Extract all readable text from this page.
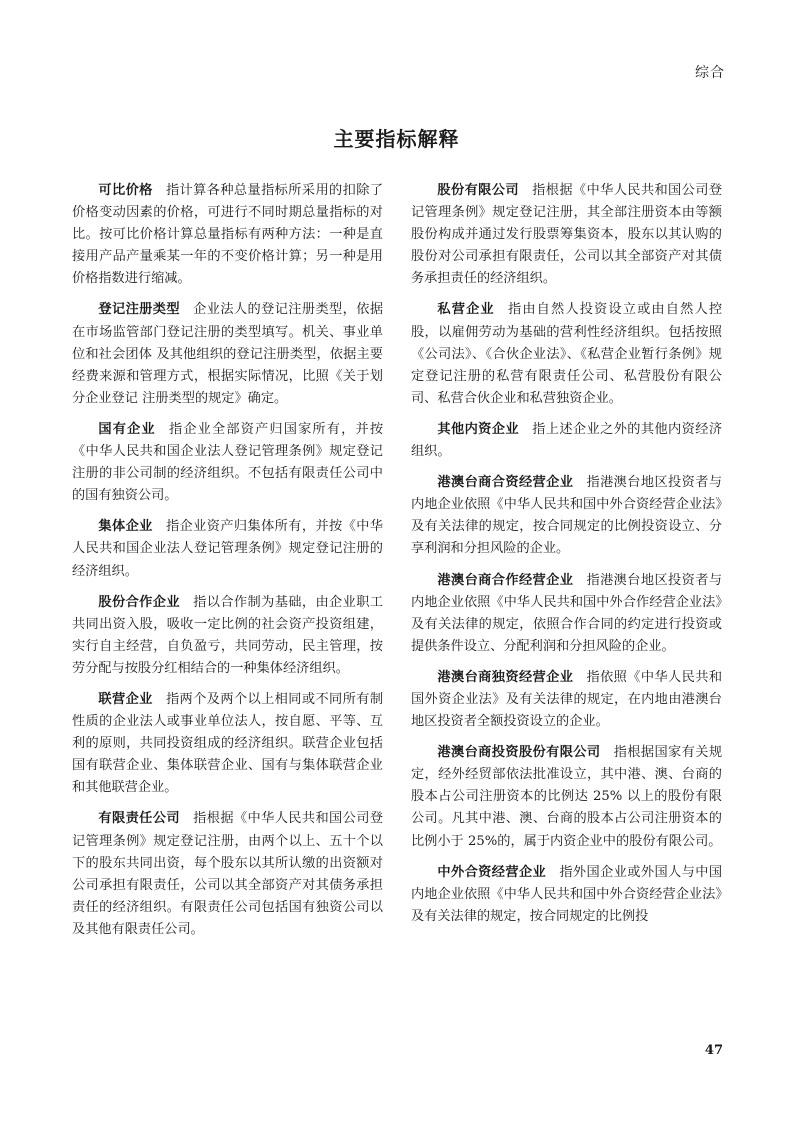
综合
主要指标解释

可比价格 指计算各种总量指标所采用的扣除了价格变动因素的价格，可进行不同时期总量指标的对比。按可比价格计算总量指标有两种方法：一种是直接用产品产量乘某一年的不变价格计算；另一种是用价格指数进行缩减。

登记注册类型 企业法人的登记注册类型，依据在市场监管部门登记注册的类型填写。机关、事业单位和社会团体 及其他组织的登记注册类型，依据主要经费来源和管理方式，根据实际情况，比照《关于划分企业登记 注册类型的规定》确定。

国有企业 指企业全部资产归国家所有，并按《中华人民共和国企业法人登记管理条例》规定登记注册的非公司制的经济组织。不包括有限责任公司中的国有独资公司。

集体企业 指企业资产归集体所有，并按《中华人民共和国企业法人登记管理条例》规定登记注册的经济组织。

股份合作企业 指以合作制为基础，由企业职工共同出资入股，吸收一定比例的社会资产投资组建，实行自主经营，自负盈亏，共同劳动，民主管理，按劳分配与按股分红相结合的一种集体经济组织。

联营企业 指两个及两个以上相同或不同所有制性质的企业法人或事业单位法人，按自愿、平等、互利的原则，共同投资组成的经济组织。联营企业包括国有联营企业、集体联营企业、国有与集体联营企业和其他联营企业。

有限责任公司 指根据《中华人民共和国公司登记管理条例》规定登记注册，由两个以上、五十个以下的股东共同出资，每个股东以其所认缴的出资额对公司承担有限责任，公司以其全部资产对其债务承担责任的经济组织。有限责任公司包括国有独资公司以及其他有限责任公司。

股份有限公司 指根据《中华人民共和国公司登记管理条例》规定登记注册，其全部注册资本由等额股份构成并通过发行股票筹集资本，股东以其认购的股份对公司承担有限责任，公司以其全部资产对其债务承担责任的经济组织。

私营企业 指由自然人投资设立或由自然人控股，以雇佣劳动为基础的营利性经济组织。包括按照《公司法》、《合伙企业法》、《私营企业暂行条例》规定登记注册的私营有限责任公司、私营股份有限公司、私营合伙企业和私营独资企业。

其他内资企业 指上述企业之外的其他内资经济组织。

港澳台商合资经营企业 指港澳台地区投资者与内地企业依照《中华人民共和国中外合资经营企业法》及有关法律的规定，按合同规定的比例投资设立、分享利润和分担风险的企业。

港澳台商合作经营企业 指港澳台地区投资者与内地企业依照《中华人民共和国中外合作经营企业法》及有关法律的规定，依照合作合同的约定进行投资或提供条件设立、分配利润和分担风险的企业。

港澳台商独资经营企业 指依照《中华人民共和国外资企业法》及有关法律的规定，在内地由港澳台地区投资者全额投资设立的企业。

港澳台商投资股份有限公司 指根据国家有关规定，经外经贸部依法批准设立，其中港、澳、台商的股本占公司注册资本的比例达 25% 以上的股份有限公司。凡其中港、澳、台商的股本占公司注册资本的比例小于 25%的，属于内资企业中的股份有限公司。

中外合资经营企业 指外国企业或外国人与中国内地企业依照《中华人民共和国中外合资经营企业法》及有关法律的规定，按合同规定的比例投

47
